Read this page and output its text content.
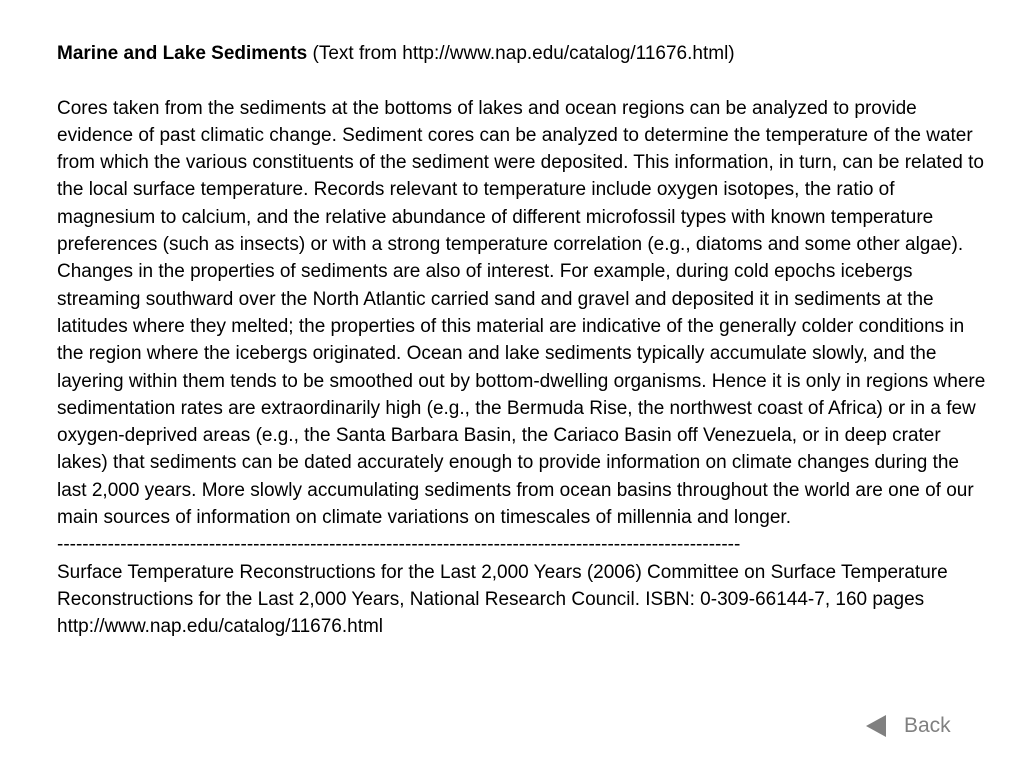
Marine and Lake Sediments (Text from http://www.nap.edu/catalog/11676.html)

Cores taken from the sediments at the bottoms of lakes and ocean regions can be analyzed to provide evidence of past climatic change. Sediment cores can be analyzed to determine the temperature of the water from which the various constituents of the sediment were deposited. This information, in turn, can be related to the local surface temperature. Records relevant to temperature include oxygen isotopes, the ratio of magnesium to calcium, and the relative abundance of different microfossil types with known temperature preferences (such as insects) or with a strong temperature correlation (e.g., diatoms and some other algae). Changes in the properties of sediments are also of interest. For example, during cold epochs icebergs streaming southward over the North Atlantic carried sand and gravel and deposited it in sediments at the latitudes where they melted; the properties of this material are indicative of the generally colder conditions in the region where the icebergs originated. Ocean and lake sediments typically accumulate slowly, and the layering within them tends to be smoothed out by bottom-dwelling organisms. Hence it is only in regions where sedimentation rates are extraordinarily high (e.g., the Bermuda Rise, the northwest coast of Africa) or in a few oxygen-deprived areas (e.g., the Santa Barbara Basin, the Cariaco Basin off Venezuela, or in deep crater lakes) that sediments can be dated accurately enough to provide information on climate changes during the last 2,000 years. More slowly accumulating sediments from ocean basins throughout the world are one of our main sources of information on climate variations on timescales of millennia and longer.

------------------------------------------------------------------------------------------------------------

Surface Temperature Reconstructions for the Last 2,000 Years (2006) Committee on Surface Temperature Reconstructions for the Last 2,000 Years, National Research Council. ISBN: 0-309-66144-7, 160 pages http://www.nap.edu/catalog/11676.html

Back
